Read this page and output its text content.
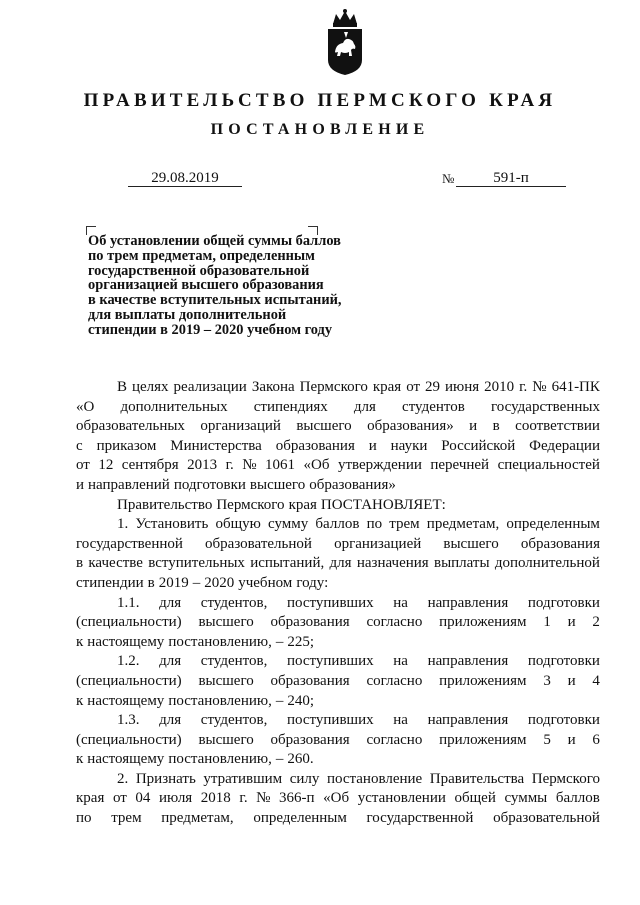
ПРАВИТЕЛЬСТВО ПЕРМСКОГО КРАЯ
ПОСТАНОВЛЕНИЕ
29.08.2019	№	591-п
Об установлении общей суммы баллов
по трем предметам, определенным
государственной образовательной
организацией высшего образования
в качестве вступительных испытаний,
для выплаты дополнительной
стипендии в 2019 – 2020 учебном году
В целях реализации Закона Пермского края от 29 июня 2010 г. № 641-ПК
«О дополнительных стипендиях для студентов государственных
образовательных организаций высшего образования» и в соответствии
с приказом Министерства образования и науки Российской Федерации
от 12 сентября 2013 г. № 1061 «Об утверждении перечней специальностей
и направлений подготовки высшего образования»
Правительство Пермского края ПОСТАНОВЛЯЕТ:
1. Установить общую сумму баллов по трем предметам, определенным
государственной образовательной организацией высшего образования
в качестве вступительных испытаний, для назначения выплаты дополнительной
стипендии в 2019 – 2020 учебном году:
1.1. для студентов, поступивших на направления подготовки
(специальности) высшего образования согласно приложениям 1 и 2
к настоящему постановлению, – 225;
1.2. для студентов, поступивших на направления подготовки
(специальности) высшего образования согласно приложениям 3 и 4
к настоящему постановлению, – 240;
1.3. для студентов, поступивших на направления подготовки
(специальности) высшего образования согласно приложениям 5 и 6
к настоящему постановлению, – 260.
2. Признать утратившим силу постановление Правительства Пермского
края от 04 июля 2018 г. № 366-п «Об установлении общей суммы баллов
по трем предметам, определенным государственной образовательной
